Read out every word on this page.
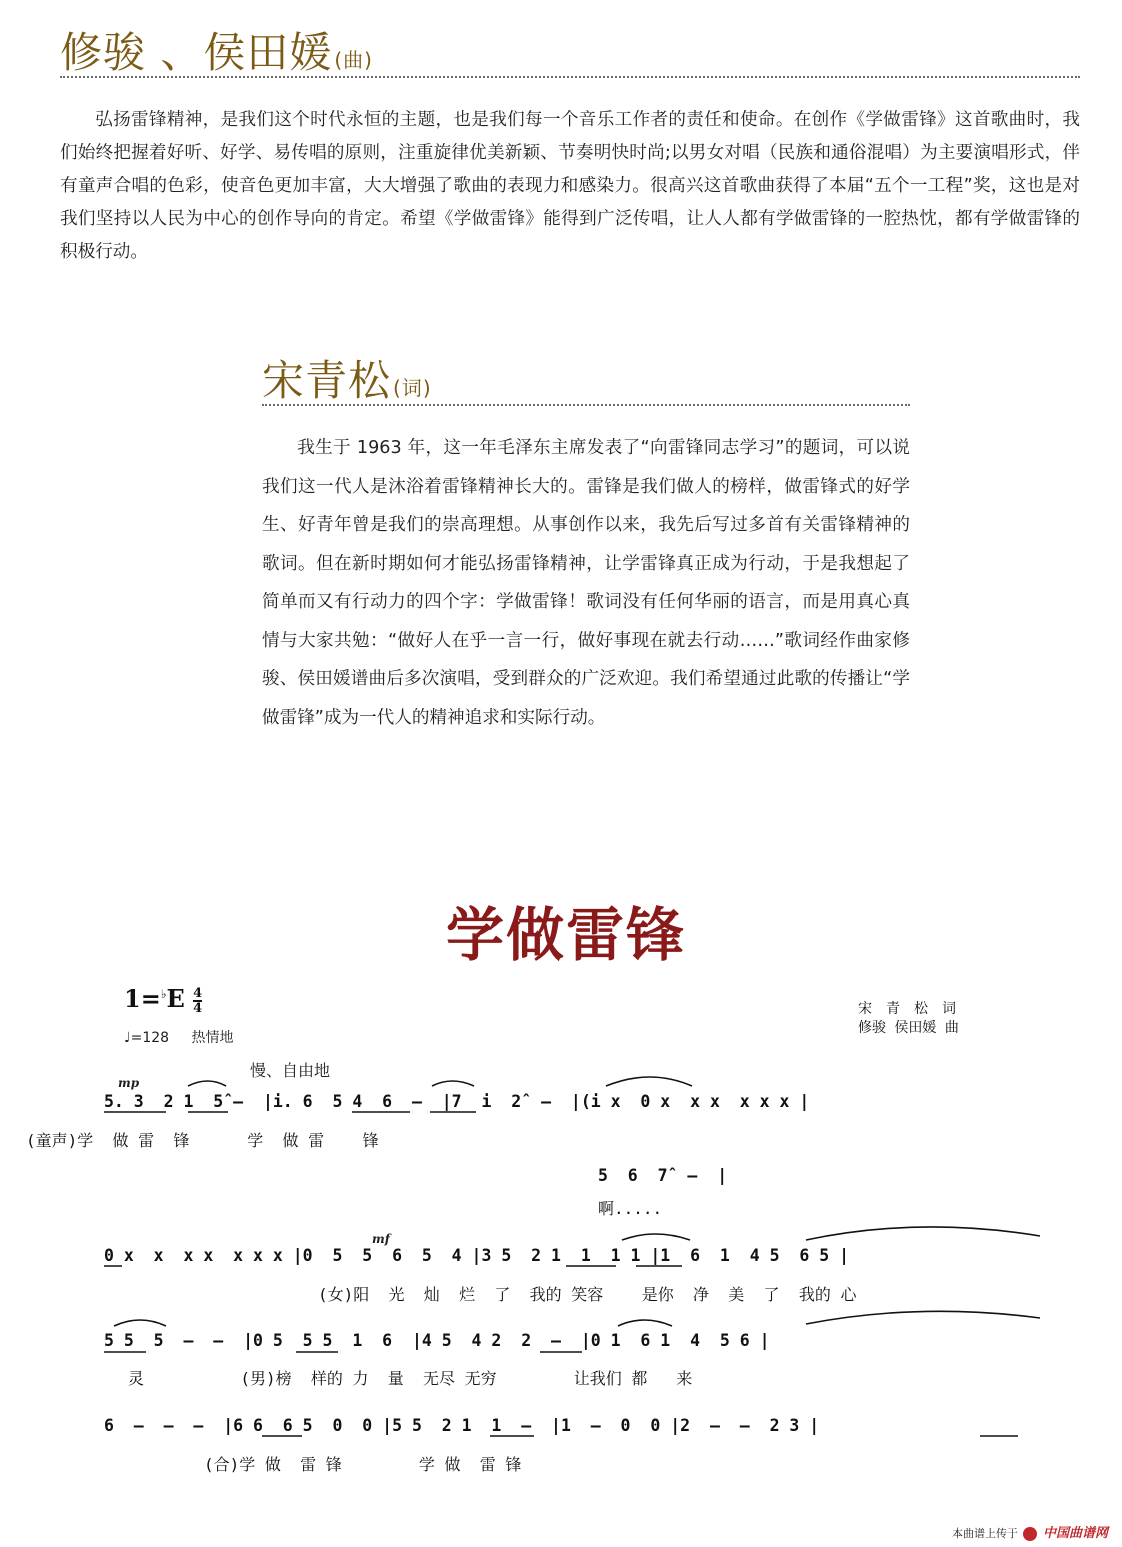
修骏 、侯田媛 (曲)

弘扬雷锋精神，是我们这个时代永恒的主题，也是我们每一个音乐工作者的责任和使命。在创作《学做雷锋》这首歌曲时，我们始终把握着好听、好学、易传唱的原则，注重旋律优美新颖、节奏明快时尚;以男女对唱（民族和通俗混唱）为主要演唱形式，伴有童声合唱的色彩，使音色更加丰富，大大增强了歌曲的表现力和感染力。很高兴这首歌曲获得了本届“五个一工程”奖，这也是对我们坚持以人民为中心的创作导向的肯定。希望《学做雷锋》能得到广泛传唱，让人人都有学做雷锋的一腔热忱，都有学做雷锋的积极行动。

宋青松 (词)

我生于 1963 年，这一年毛泽东主席发表了“向雷锋同志学习”的题词，可以说我们这一代人是沐浴着雷锋精神长大的。雷锋是我们做人的榜样，做雷锋式的好学生、好青年曾是我们的崇高理想。从事创作以来，我先后写过多首有关雷锋精神的歌词。但在新时期如何才能弘扬雷锋精神，让学雷锋真正成为行动，于是我想起了简单而又有行动力的四个字：学做雷锋！歌词没有任何华丽的语言，而是用真心真情与大家共勉：“做好人在乎一言一行，做好事现在就去行动……”歌词经作曲家修骏、侯田媛谱曲后多次演唱，受到群众的广泛欢迎。我们希望通过此歌的传播让“学做雷锋”成为一代人的精神追求和实际行动。

学做雷锋
$1=^♭E \frac{4}{4}$
♩=128 热情地
宋　青　松　词
修骏 侯田媛 曲
慢、自由地
mp
5. 3  2 1  5̂ –  |i. 6  5 4  6  –  |7  i  2̂  –  |(i x  0 x  x x  x x x |
(童声)学  做 雷  锋      学  做 雷    锋
5  6  7̂  –  |
啊.....
mf
0 x  x  x x  x x x |0  5  5  6  5  4 |3 5  2 1  1  1 1 |1  6  1  4 5  6 5 |
(女)阳  光  灿  烂  了  我的 笑容    是你  净  美  了  我的 心
5 5  5  –  –  |0 5  5 5  1  6  |4 5  4 2  2  –  |0 1  6 1  4  5 6 |
灵          (男)榜  样的 力  量  无尽 无穷        让我们 都   来
6  –  –  –  |6 6  6 5  0  0 |5 5  2 1  1  –  |1  –  0  0 |2  –  –  2 3 |
(合)学 做  雷 锋        学 做  雷 锋
本曲谱上传于 中国曲谱网
